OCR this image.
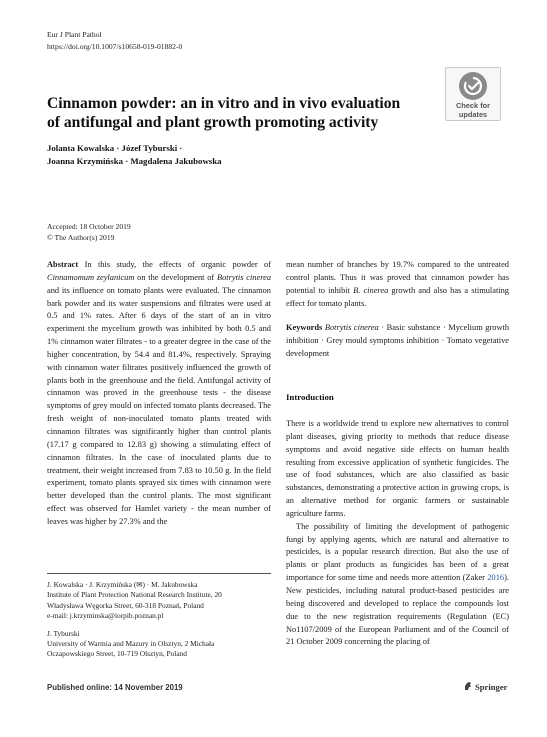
Eur J Plant Pathol
https://doi.org/10.1007/s10658-019-01882-0
Check for
updates
Cinnamon powder: an in vitro and in vivo evaluation
of antifungal and plant growth promoting activity
Jolanta Kowalska · Józef Tyburski ·
Joanna Krzymińska · Magdalena Jakubowska
Accepted: 18 October 2019
© The Author(s) 2019

Abstract In this study, the effects of organic powder of Cinnamomum zeylanicum on the development of Botrytis cinerea and its influence on tomato plants were evaluated. The cinnamon bark powder and its water suspensions and filtrates were used at 0.5 and 1% rates. After 6 days of the start of an in vitro experiment the mycelium growth was inhibited by both 0.5 and 1% cinnamon water filtrates - to a greater degree in the case of the higher concentration, by 54.4 and 81.4%, respectively. Spraying with cinnamon water filtrates positively influenced the growth of plants both in the greenhouse and the field. Antifungal activity of cinnamon was proved in the greenhouse tests - the disease symptoms of grey mould on infected tomato plants decreased. The fresh weight of non-inoculated tomato plants treated with cinnamon filtrates was significantly higher than control plants (17.17 g compared to 12.83 g) showing a stimulating effect of cinnamon filtrates. In the case of inoculated plants due to treatment, their weight increased from 7.83 to 10.50 g. In the field experiment, tomato plants sprayed six times with cinnamon were better developed than the control plants. The most significant effect was observed for Hamlet variety - the mean number of leaves was higher by 27.3% and the

mean number of branches by 19.7% compared to the untreated control plants. Thus it was proved that cinnamon powder has potential to inhibit B. cinerea growth and also has a stimulating effect for tomato plants.

Keywords Botrytis cinerea · Basic substance · Mycelium growth inhibition · Grey mould symptoms inhibition · Tomato vegetative development

Introduction

There is a worldwide trend to explore new alternatives to control plant diseases, giving priority to methods that reduce disease symptoms and avoid negative side effects on human health resulting from excessive application of synthetic fungicides. The use of food substances, which are also classified as basic substances, demonstrating a protective action in growing crops, is an alternative method for organic farmers or sustainable agriculture farms.

The possibility of limiting the development of pathogenic fungi by applying agents, which are natural and alternative to pesticides, is a popular research direction. But also the use of plants or plant products as fungicides has been of a great importance for some time and needs more attention (Zaker 2016). New pesticides, including natural product-based pesticides are being discovered and developed to replace the compounds lost due to the new registration requirements (Regulation (EC) No1107/2009 of the European Parliament and of the Council of 21 October 2009 concerning the placing of

J. Kowalska · J. Krzymińska (✉) · M. Jakubowska

Institute of Plant Protection National Research Institute, 20

Władysława Węgorka Street, 60-318 Poznań, Poland

e-mail: j.krzyminska@iorpib.poznan.pl

J. Tyburski

University of Warmia and Mazury in Olsztyn, 2 Michała

Oczapowskiego Street, 10-719 Olsztyn, Poland

Published online: 14 November 2019	Springer
